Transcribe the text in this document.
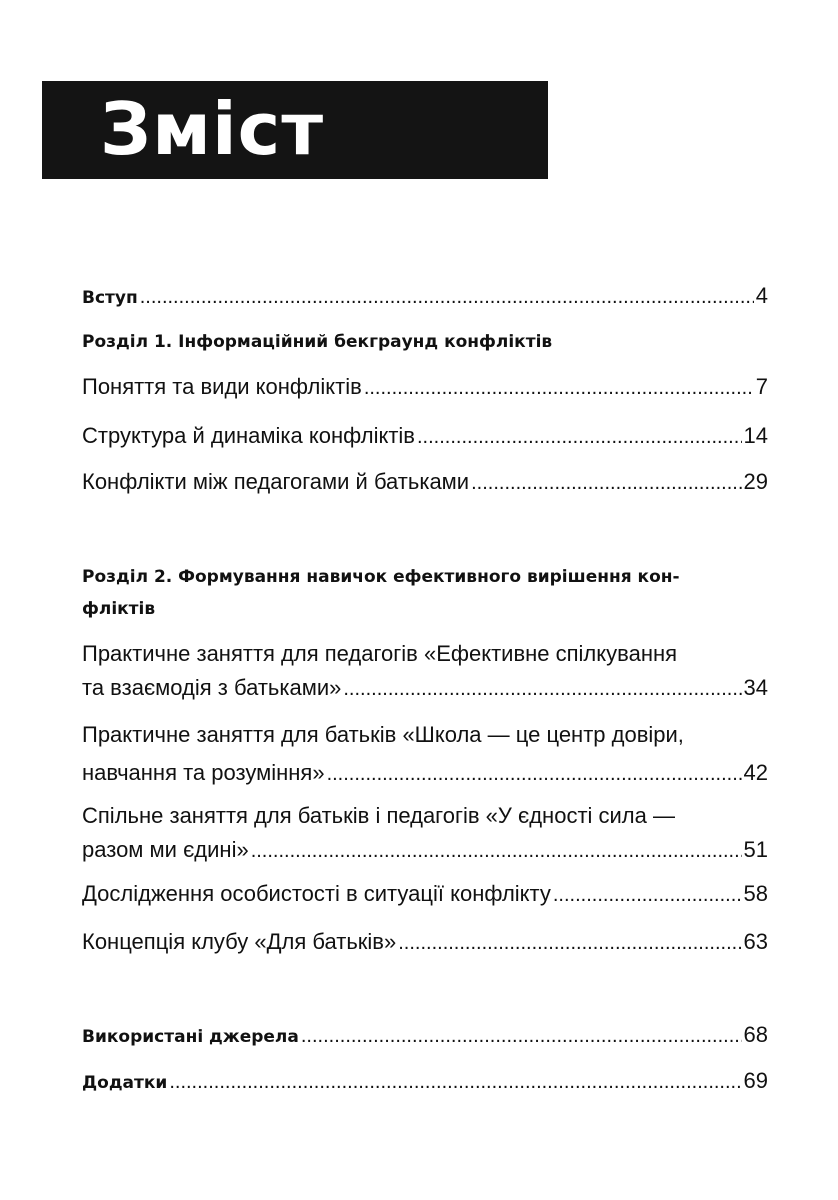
Зміст
Вступ .....	4
Розділ 1. Інформаційний бекграунд конфліктів
Поняття та види конфліктів .....	7
Структура й динаміка конфліктів .....	14
Конфлікти між педагогами й батьками .....	29
Розділ 2. Формування навичок ефективного вирішення кон-
фліктів
Практичне заняття для педагогів «Ефективне спілкування
та взаємодія з батьками» .....	34
Практичне заняття для батьків «Школа — це центр довіри,
навчання та розуміння» .....	42
Спільне заняття для батьків і педагогів «У єдності сила —
разом ми єдині» .....	51
Дослідження особистості в ситуації конфлікту .....	58
Концепція клубу «Для батьків» .....	63
Використані джерела .....	68
Додатки .....	69
